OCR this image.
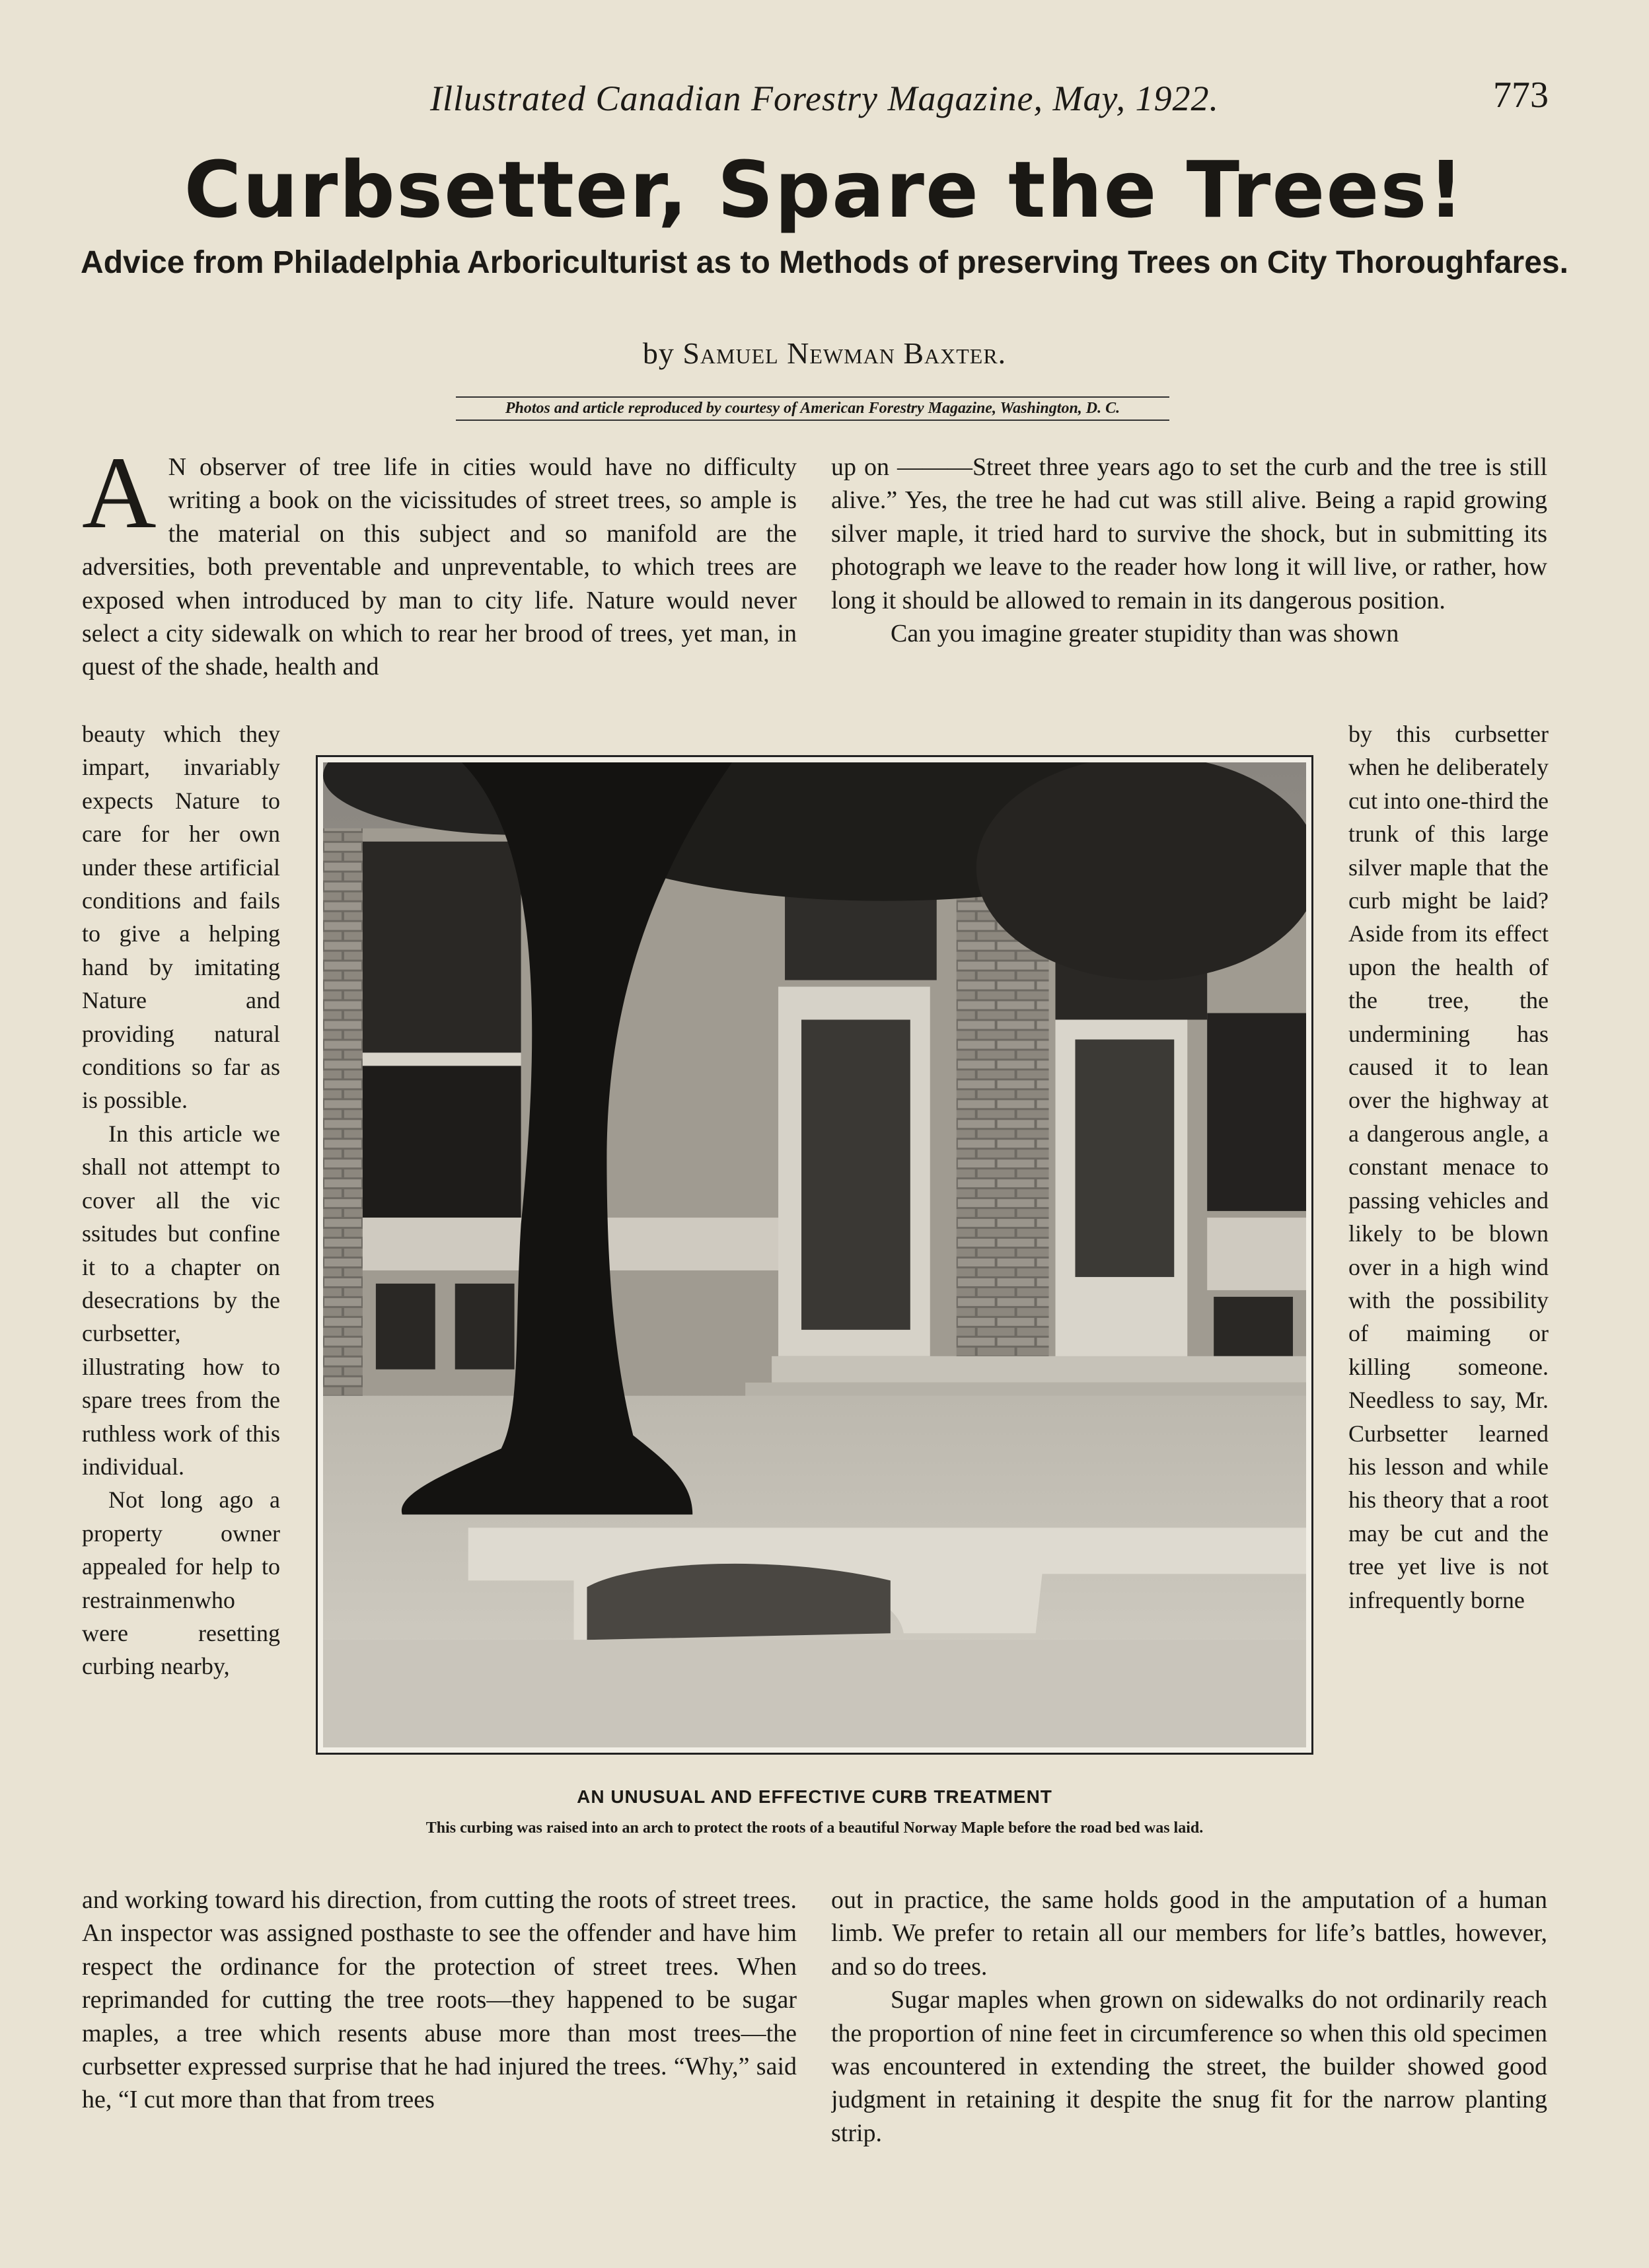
Illustrated Canadian Forestry Magazine, May, 1922.	773
Curbsetter, Spare the Trees!
Advice from Philadelphia Arboriculturist as to Methods of preserving Trees on City Thoroughfares.
by Samuel Newman Baxter.
Photos and article reproduced by courtesy of American Forestry Magazine, Washington, D. C.

A N observer of tree life in cities would have no difficulty writing a book on the vicissitudes of street trees, so ample is the material on this subject and so manifold are the adversities, both preventable and unpreventable, to which trees are exposed when introduced by man to city life. Nature would never select a city sidewalk on which to rear her brood of trees, yet man, in quest of the shade, health and

beauty which they impart, invariably expects Nature to care for her own under these artificial conditions and fails to give a helping hand by imitating Nature and providing natural conditions so far as is possible.

In this article we shall not attempt to cover all the vic ssitudes but confine it to a chapter on desecrations by the curbsetter, illustrating how to spare trees from the ruthless work of this individual.

Not long ago a property owner appealed for help to restrainmenwho were resetting curbing nearby,

and working toward his direction, from cutting the roots of street trees. An inspector was assigned posthaste to see the offender and have him respect the ordinance for the protection of street trees. When reprimanded for cutting the tree roots—they happened to be sugar maples, a tree which resents abuse more than most trees—the curbsetter expressed surprise that he had injured the trees. “Why,” said he, “I cut more than that from trees

up on ———Street three years ago to set the curb and the tree is still alive.” Yes, the tree he had cut was still alive. Being a rapid growing silver maple, it tried hard to survive the shock, but in submitting its photograph we leave to the reader how long it will live, or rather, how long it should be allowed to remain in its dangerous position.

Can you imagine greater stupidity than was shown

by this curbsetter when he deliberately cut into one-third the trunk of this large silver maple that the curb might be laid? Aside from its effect upon the health of the tree, the undermining has caused it to lean over the highway at a dangerous angle, a constant menace to passing vehicles and likely to be blown over in a high wind with the possibility of maiming or killing someone. Needless to say, Mr. Curbsetter learned his lesson and while his theory that a root may be cut and the tree yet live is not infrequently borne

out in practice, the same holds good in the amputation of a human limb. We prefer to retain all our members for life’s battles, however, and so do trees.

Sugar maples when grown on sidewalks do not ordinarily reach the proportion of nine feet in circumference so when this old specimen was encountered in extending the street, the builder showed good judgment in retaining it despite the snug fit for the narrow planting strip.

AN UNUSUAL AND EFFECTIVE CURB TREATMENT
This curbing was raised into an arch to protect the roots of a beautiful Norway Maple before the road bed was laid.
